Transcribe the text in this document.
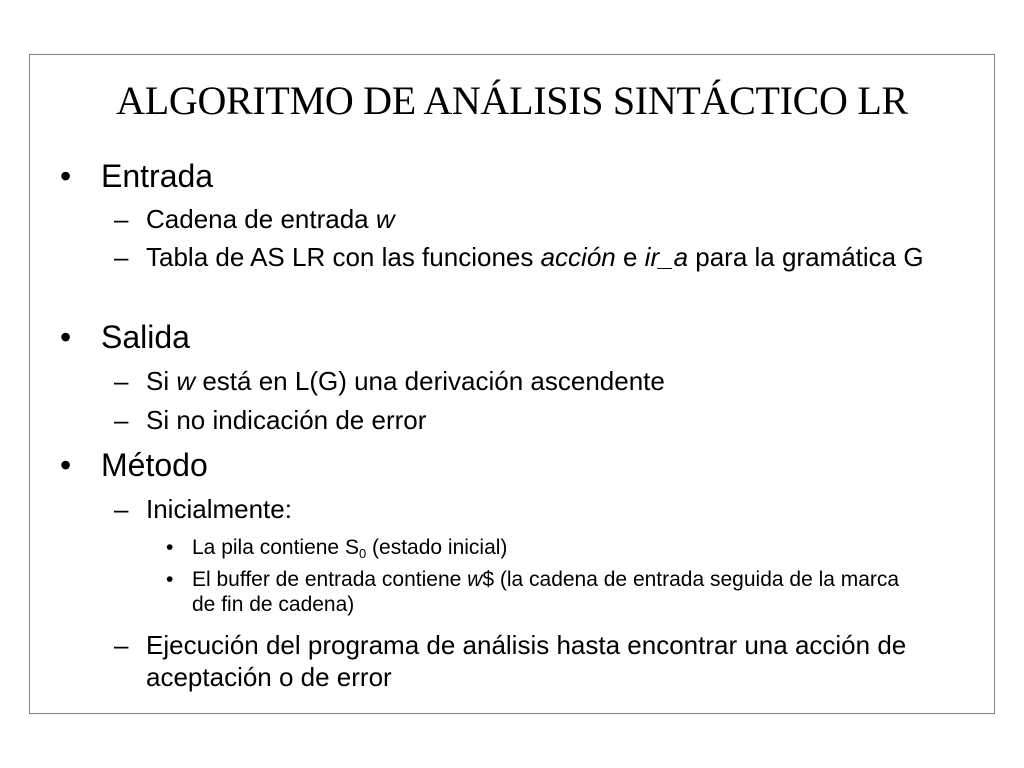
ALGORITMO DE ANÁLISIS SINTÁCTICO LR
• Entrada
– Cadena de entrada w
– Tabla de AS LR con las funciones acción e ir_a para la gramática G
• Salida
– Si w está en L(G) una derivación ascendente
– Si no indicación de error
• Método
– Inicialmente:
• La pila contiene $S_0$ (estado inicial)
• El buffer de entrada contiene w$ (la cadena de entrada seguida de la marca de fin de cadena)
– Ejecución del programa de análisis hasta encontrar una acción de aceptación o de error
